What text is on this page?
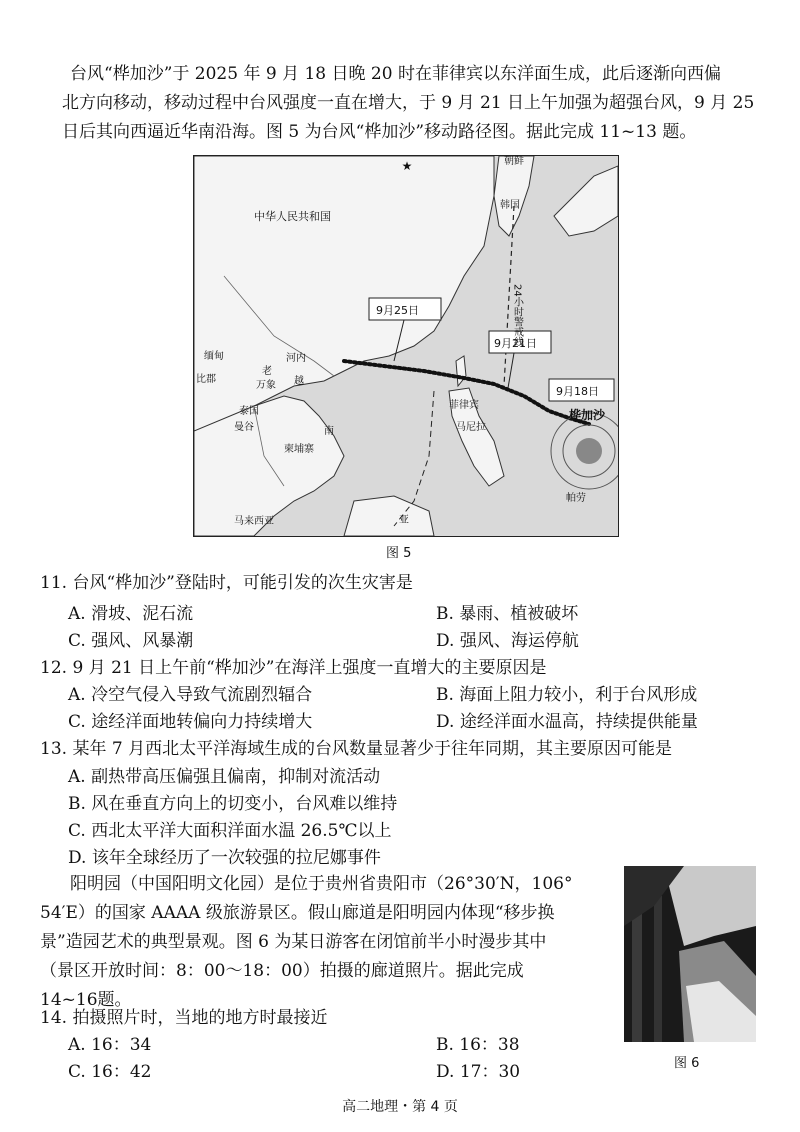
台风“桦加沙”于 2025 年 9 月 18 日晚 20 时在菲律宾以东洋面生成，此后逐渐向西偏
北方向移动，移动过程中台风强度一直在增大，于 9 月 21 日上午加强为超强台风，9 月 25
日后其向西逼近华南沿海。图 5 为台风“桦加沙”移动路径图。据此完成 11~13 题。
★
中华人民共和国
朝鲜
韩国
24小时警戒线
9月25日
9月21日
9月18日
桦加沙
缅甸
老
河内
万象 越
比郡
泰国
曼谷
柬埔寨
南
菲律宾
马尼拉
帕劳
马来西亚	亚
图 5
11. 台风“桦加沙”登陆时，可能引发的次生灾害是
A. 滑坡、泥石流	B. 暴雨、植被破坏
C. 强风、风暴潮	D. 强风、海运停航
12. 9 月 21 日上午前“桦加沙”在海洋上强度一直增大的主要原因是
A. 冷空气侵入导致气流剧烈辐合	B. 海面上阻力较小，利于台风形成
C. 途经洋面地转偏向力持续增大	D. 途经洋面水温高，持续提供能量
13. 某年 7 月西北太平洋海域生成的台风数量显著少于往年同期，其主要原因可能是
A. 副热带高压偏强且偏南，抑制对流活动
B. 风在垂直方向上的切变小，台风难以维持
C. 西北太平洋大面积洋面水温 26.5℃以上
D. 该年全球经历了一次较强的拉尼娜事件
阳明园（中国阳明文化园）是位于贵州省贵阳市（26°30′N，106°
54′E）的国家 AAAA 级旅游景区。假山廊道是阳明园内体现“移步换
景”造园艺术的典型景观。图 6 为某日游客在闭馆前半小时漫步其中
（景区开放时间：8：00～18：00）拍摄的廊道照片。据此完成
14~16题。
图 6
14. 拍摄照片时，当地的地方时最接近
A. 16：34	B. 16：38
C. 16：42	D. 17：30
高二地理・第 4 页
